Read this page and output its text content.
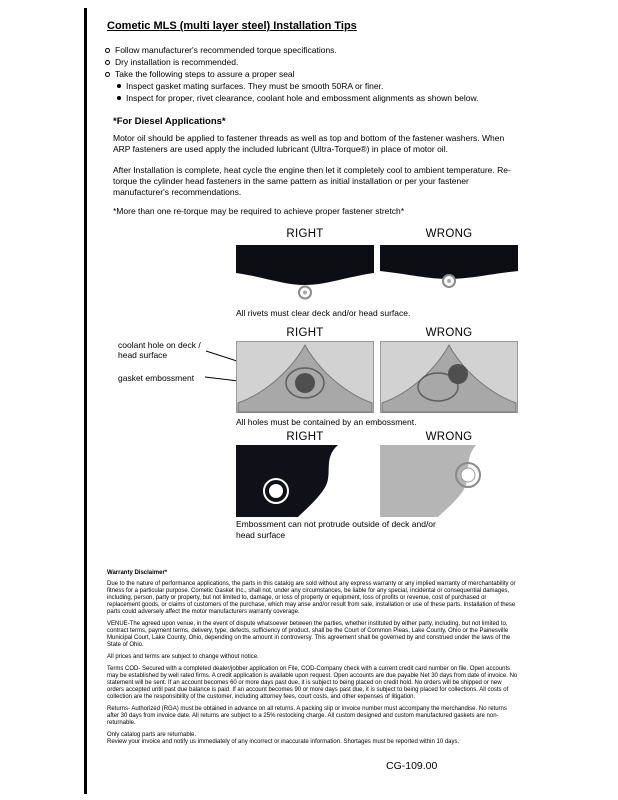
Cometic MLS (multi layer steel) Installation Tips
Follow manufacturer's recommended torque specifications.
Dry installation is recommended.
Take the following steps to assure a proper seal
Inspect gasket mating surfaces. They must be smooth 50RA or finer.
Inspect for proper, rivet clearance, coolant hole and embossment alignments as shown below.
*For Diesel Applications*
Motor oil should be applied to fastener threads as well as top and bottom of the fastener washers. When ARP fasteners are used apply the included lubricant (Ultra-Torque®) in place of motor oil.
After Installation is complete, heat cycle the engine then let it completely cool to ambient temperature. Re-torque the cylinder head fasteners in the same pattern as initial installation or per your fastener manufacturer's recommendations.
*More than one re-torque may be required to achieve proper fastener stretch*
RIGHT	WRONG
All rivets must clear deck and/or head surface.
RIGHT	WRONG
coolant hole on deck / head surface
gasket embossment
All holes must be contained by an embossment.
RIGHT	WRONG
Embossment can not protrude outside of deck and/or head surface

Warranty Disclaimer*

Due to the nature of performance applications, the parts in this catalog are sold without any express warranty or any implied warranty of merchantability or fitness for a particular purpose. Cometic Gasket Inc., shall not, under any circumstances, be liable for any special, incidental or consequential damages, including, person, party or property, but not limited to, damage, or loss of property or equipment, loss of profits or revenue, cost of purchased or replacement goods, or claims of customers of the purchase, which may arise and/or result from sale, installation or use of these parts. Installation of these parts could adversely affect the motor manufacturers warranty coverage.

VENUE-The agreed upon venue, in the event of dispute whatsoever between the parties, whether instituted by either party, including, but not limited to, contract terms, payment terms, delivery, type, defects, sufficiency of product, shall be the Court of Common Pleas, Lake County, Ohio or the Painesville Municipal Court, Lake County, Ohio, depending on the amount in controversy. This agreement shall be governed by and construed under the laws of the State of Ohio.

All prices and terms are subject to change without notice.

Terms COD- Secured with a completed dealer/jobber application on File, COD-Company check with a current credit card number on file. Open accounts may be established by well rated firms. A credit application is available upon request. Open accounts are due payable Net 30 days from date of invoice. No statement will be sent. If an account becomes 60 or more days past due, it is subject to being placed on credit hold. No orders will be shipped or new orders accepted until past due balance is paid. If an account becomes 90 or more days past due, it is subject to being placed for collections. All costs of collection are the responsibility of the customer, including attorney fees, court costs, and other expenses of litigation.

Returns- Authorized (RGA) must be obtained in advance on all returns. A packing slip or invoice number must accompany the merchandise. No returns after 30 days from invoice date. All returns are subject to a 25% restocking charge. All custom designed and custom manufactured gaskets are non-returnable.

Only catalog parts are returnable.

Review your invoice and notify us immediately of any incorrect or inaccurate information. Shortages must be reported within 10 days.

CG-109.00
